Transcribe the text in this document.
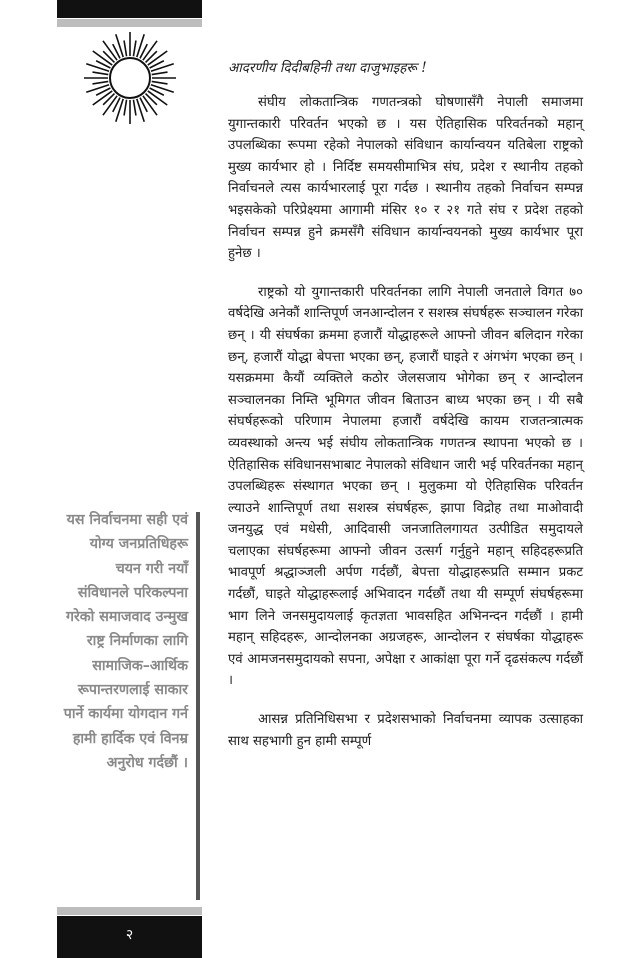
आदरणीय दिदीबहिनी तथा दाजुभाइहरू !

संघीय लोकतान्त्रिक गणतन्त्रको घोषणासँगै नेपाली समाजमा युगान्तकारी परिवर्तन भएको छ । यस ऐतिहासिक परिवर्तनको महान् उपलब्धिका रूपमा रहेको नेपालको संविधान कार्यान्वयन यतिबेला राष्ट्रको मुख्य कार्यभार हो । निर्दिष्ट समयसीमाभित्र संघ, प्रदेश र स्थानीय तहको निर्वाचनले त्यस कार्यभारलाई पूरा गर्दछ । स्थानीय तहको निर्वाचन सम्पन्न भइसकेको परिप्रेक्ष्यमा आगामी मंसिर १० र २१ गते संघ र प्रदेश तहको निर्वाचन सम्पन्न हुने क्रमसँगै संविधान कार्यान्वयनको मुख्य कार्यभार पूरा हुनेछ ।

राष्ट्रको यो युगान्तकारी परिवर्तनका लागि नेपाली जनताले विगत ७० वर्षदेखि अनेकौं शान्तिपूर्ण जनआन्दोलन र सशस्त्र संघर्षहरू सञ्चालन गरेका छन् । यी संघर्षका क्रममा हजारौं योद्धाहरूले आफ्नो जीवन बलिदान गरेका छन्, हजारौं योद्धा बेपत्ता भएका छन्, हजारौं घाइते र अंगभंग भएका छन् । यसक्रममा कैयौं व्यक्तिले कठोर जेलसजाय भोगेका छन् र आन्दोलन सञ्चालनका निम्ति भूमिगत जीवन बिताउन बाध्य भएका छन् । यी सबै संघर्षहरूको परिणाम नेपालमा हजारौं वर्षदेखि कायम राजतन्त्रात्मक व्यवस्थाको अन्त्य भई संघीय लोकतान्त्रिक गणतन्त्र स्थापना भएको छ । ऐतिहासिक संविधानसभाबाट नेपालको संविधान जारी भई परिवर्तनका महान् उपलब्धिहरू संस्थागत भएका छन् । मुलुकमा यो ऐतिहासिक परिवर्तन ल्याउने शान्तिपूर्ण तथा सशस्त्र संघर्षहरू, झापा विद्रोह तथा माओवादी जनयुद्ध एवं मधेसी, आदिवासी जनजातिलगायत उत्पीडित समुदायले चलाएका संघर्षहरूमा आफ्नो जीवन उत्सर्ग गर्नुहुने महान् सहिदहरूप्रति भावपूर्ण श्रद्धाञ्जली अर्पण गर्दछौं, बेपत्ता योद्धाहरूप्रति सम्मान प्रकट गर्दछौं, घाइते योद्धाहरूलाई अभिवादन गर्दछौं तथा यी सम्पूर्ण संघर्षहरूमा भाग लिने जनसमुदायलाई कृतज्ञता भावसहित अभिनन्दन गर्दछौं । हामी महान् सहिदहरू, आन्दोलनका अग्रजहरू, आन्दोलन र संघर्षका योद्धाहरू एवं आमजनसमुदायको सपना, अपेक्षा र आकांक्षा पूरा गर्ने दृढसंकल्प गर्दछौं ।

आसन्न प्रतिनिधिसभा र प्रदेशसभाको निर्वाचनमा व्यापक उत्साहका साथ सहभागी हुन हामी सम्पूर्ण

यस निर्वाचनमा सही एवं योग्य जनप्रतिधिहरू चयन गरी नयाँ संविधानले परिकल्पना गरेको समाजवाद उन्मुख राष्ट्र निर्माणका लागि सामाजिक–आर्थिक रूपान्तरणलाई साकार पार्ने कार्यमा योगदान गर्न हामी हार्दिक एवं विनम्र अनुरोध गर्दछौं ।
२
